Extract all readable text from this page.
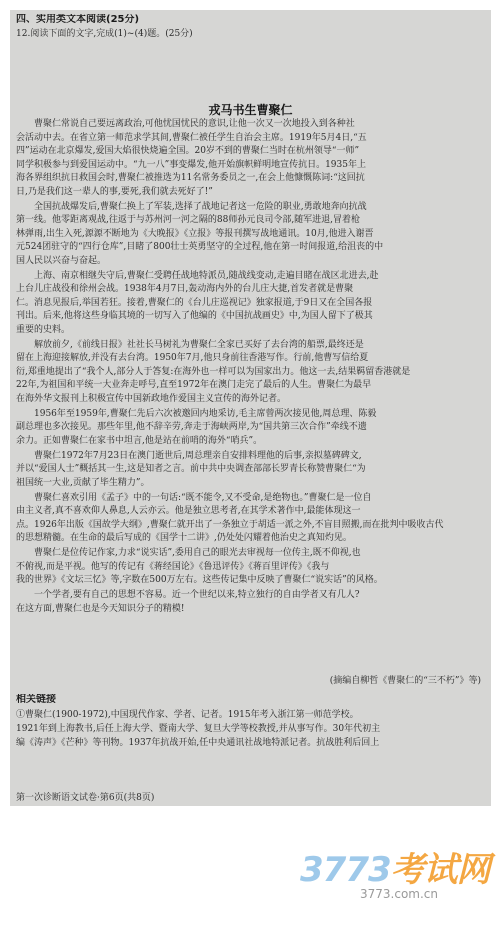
四、实用类文本阅读(25分)
12.阅读下面的文字,完成(1)~(4)题。(25分)
戎马书生曹聚仁
曹聚仁常说自己要远离政治,可他忧国忧民的意识,让他一次又一次地投入到各种社
会活动中去。在省立第一师范求学其间,曹聚仁被任学生自治会主席。1919年5月4日,“五
四”运动在北京爆发,爱国大焰很快烧遍全国。20岁不到的曹聚仁当时在杭州领导“一师”
同学积极参与到爱国运动中。“九一八”事变爆发,他开始旗帜鲜明地宣传抗日。1935年上
海各界组织抗日救国会时,曹聚仁被推选为11名常务委员之一,在会上他慷慨陈词:“这回抗
日,乃是我们这一辈人的事,要死,我们就去死好了!”
全国抗战爆发后,曹聚仁换上了军装,选择了战地记者这一危险的职业,勇敢地奔向抗战
第一线。他零距离观战,往返于与苏州河一河之隔的88师孙元良司令部,随军进退,冒着枪
林弹雨,出生入死,源源不断地为《大晚报》《立报》等报刊撰写战地通讯。10月,他进入谢晋
元524团驻守的“四行仓库”,目睹了800壮士英勇坚守的全过程,他在第一时间报道,给沮丧的中
国人民以兴奋与奋起。
上海、南京相继失守后,曹聚仁受聘任战地特派员,随战线变动,走遍目睹在战区北进去,赴
上台儿庄战役和徐州会战。1938年4月7日,轰动海内外的台儿庄大捷,首发者就是曹聚
仁。消息见报后,举国若狂。接着,曹聚仁的《台儿庄巡视记》独家报道,于9日又在全国各报
刊出。后来,他将这些身临其境的一切写入了他编的《中国抗战画史》中,为国人留下了极其
重要的史料。
解放前夕,《前线日报》社社长马树礼为曹聚仁全家已买好了去台湾的船票,最终还是
留在上海迎接解放,并没有去台湾。1950年7月,他只身前往香港写作。行前,他曹写信给夏
衍,郑重地提出了“我个人,部分人于答复:在海外也一样可以为国家出力。他这一去,结果羁留香港就是
22年,为祖国和平统一大业奔走呼号,直至1972年在澳门走完了最后的人生。曹聚仁为最早
在海外华文报刊上积极宣传中国新政地作爱国主义宣传的海外记者。
1956年至1959年,曹聚仁先后六次被邀回内地采访,毛主席曾两次接见他,周总理、陈毅
副总理也多次接见。那些年里,他不辞辛劳,奔走于海峡两岸,为“国共第三次合作”牵线不遗
余力。正如曹聚仁在家书中坦言,他是站在前哨的海外“哨兵”。
曹聚仁1972年7月23日在澳门逝世后,周总理亲自安排料理他的后事,亲拟墓碑碑文,
并以“爱国人士”概括其一生,这是知者之言。前中共中央调查部部长罗青长称赞曹聚仁“为
祖国统一大业,贡献了毕生精力”。
曹聚仁喜欢引用《孟子》中的一句话:“既不能令,又不受命,是绝物也。”曹聚仁是一位自
由主义者,真不喜欢仰人鼻息,人云亦云。他是独立思考者,在其学术著作中,最能体现这一
点。1926年出版《国故学大纲》,曹聚仁就开出了一条独立于胡适一派之外,不盲目照搬,而在批判中吸收古代
的思想精髓。在生命的最后写成的《国学十二讲》,仍处处闪耀着他治史之真知灼见。
曹聚仁是位传记作家,力求“说实话”,委用自己的眼光去审视每一位传主,既不仰视,也
不俯视,而是平视。他写的传记有《蒋经国论》《鲁迅评传》《蒋百里评传》《我与
我的世界》《文坛三忆》等,字数在500万左右。这些传记集中反映了曹聚仁“说实话”的风格。
一个学者,要有自己的思想不容易。近一个世纪以来,特立独行的自由学者又有几人?
在这方面,曹聚仁也是今天知识分子的精模!
(摘编自柳哲《曹聚仁的“三不朽”》等)
相关链接
①曹聚仁(1900-1972),中国现代作家、学者、记者。1915年考入浙江第一师范学校。
1921年到上海教书,后任上海大学、暨南大学、复旦大学等校教授,并从事写作。30年代初主
编《涛声》《芒种》等刊物。1937年抗战开始,任中央通讯社战地特派记者。抗战胜利后回上
第一次诊断语文试卷·第6页(共8页)
3773考试网
3773.com.cn
